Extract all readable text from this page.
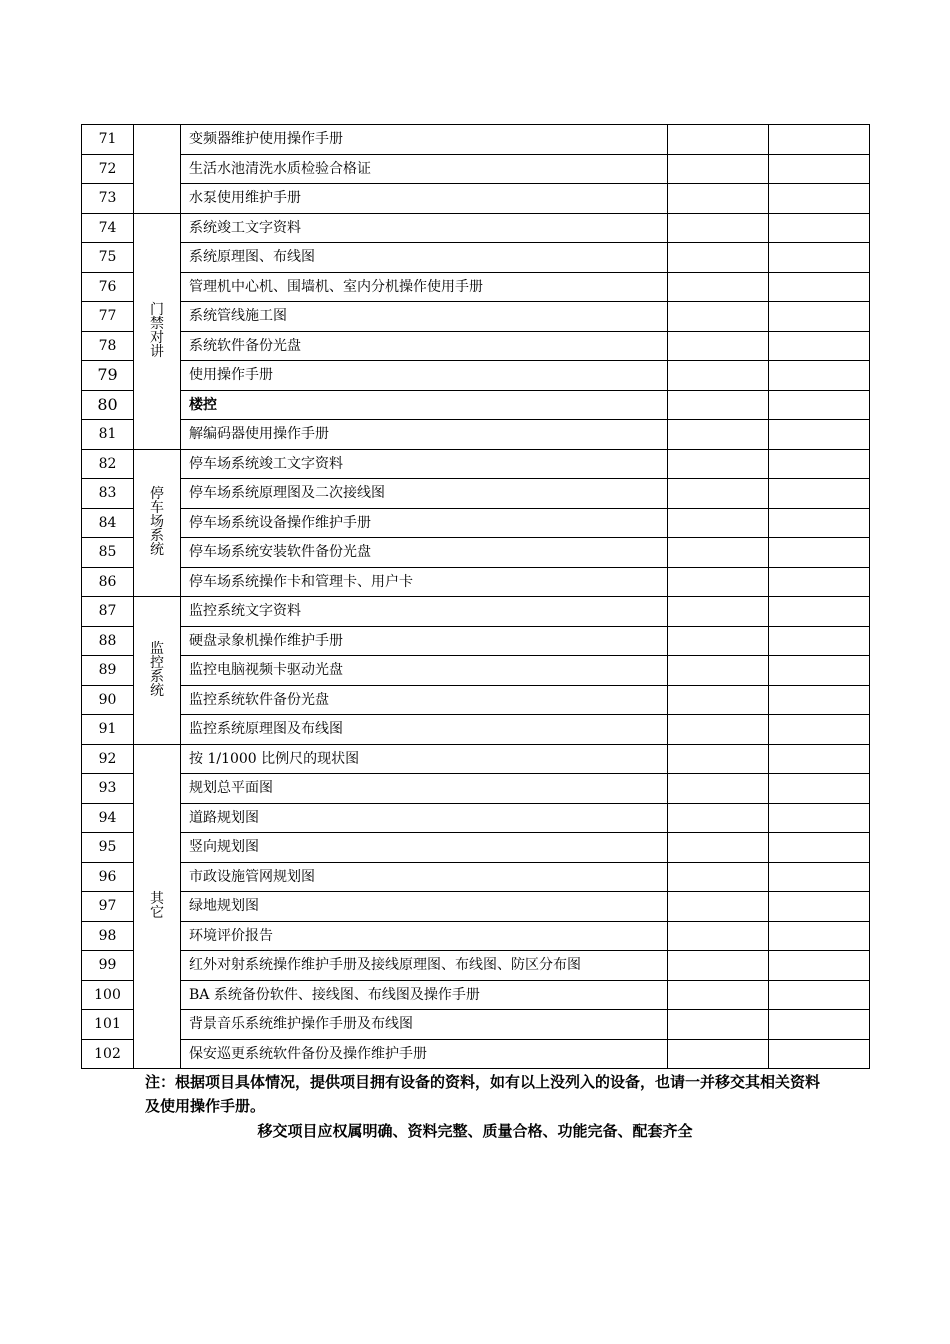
71		变频器维护使用操作手册		
72		生活水池清洗水质检验合格证		
73		水泵使用维护手册		
74	门禁对讲	系统竣工文字资料		
75		系统原理图、布线图		
76		管理机中心机、围墙机、室内分机操作使用手册		
77		系统管线施工图		
78		系统软件备份光盘		
79		使用操作手册		
80		楼控		
81		解编码器使用操作手册		
82	停车场系统	停车场系统竣工文字资料		
83		停车场系统原理图及二次接线图		
84		停车场系统设备操作维护手册		
85		停车场系统安装软件备份光盘		
86		停车场系统操作卡和管理卡、用户卡		
87	监控系统	监控系统文字资料		
88		硬盘录象机操作维护手册		
89		监控电脑视频卡驱动光盘		
90		监控系统软件备份光盘		
91		监控系统原理图及布线图		
92	其它	按 1/1000 比例尺的现状图		
93		规划总平面图		
94		道路规划图		
95		竖向规划图		
96		市政设施管网规划图		
97		绿地规划图		
98		环境评价报告		
99		红外对射系统操作维护手册及接线原理图、布线图、防区分布图		
100		BA 系统备份软件、接线图、布线图及操作手册		
101		背景音乐系统维护操作手册及布线图		
102		保安巡更系统软件备份及操作维护手册		
注：根据项目具体情况，提供项目拥有设备的资料，如有以上没列入的设备，也请一并移交其相关资料及使用操作手册。
移交项目应权属明确、资料完整、质量合格、功能完备、配套齐全
